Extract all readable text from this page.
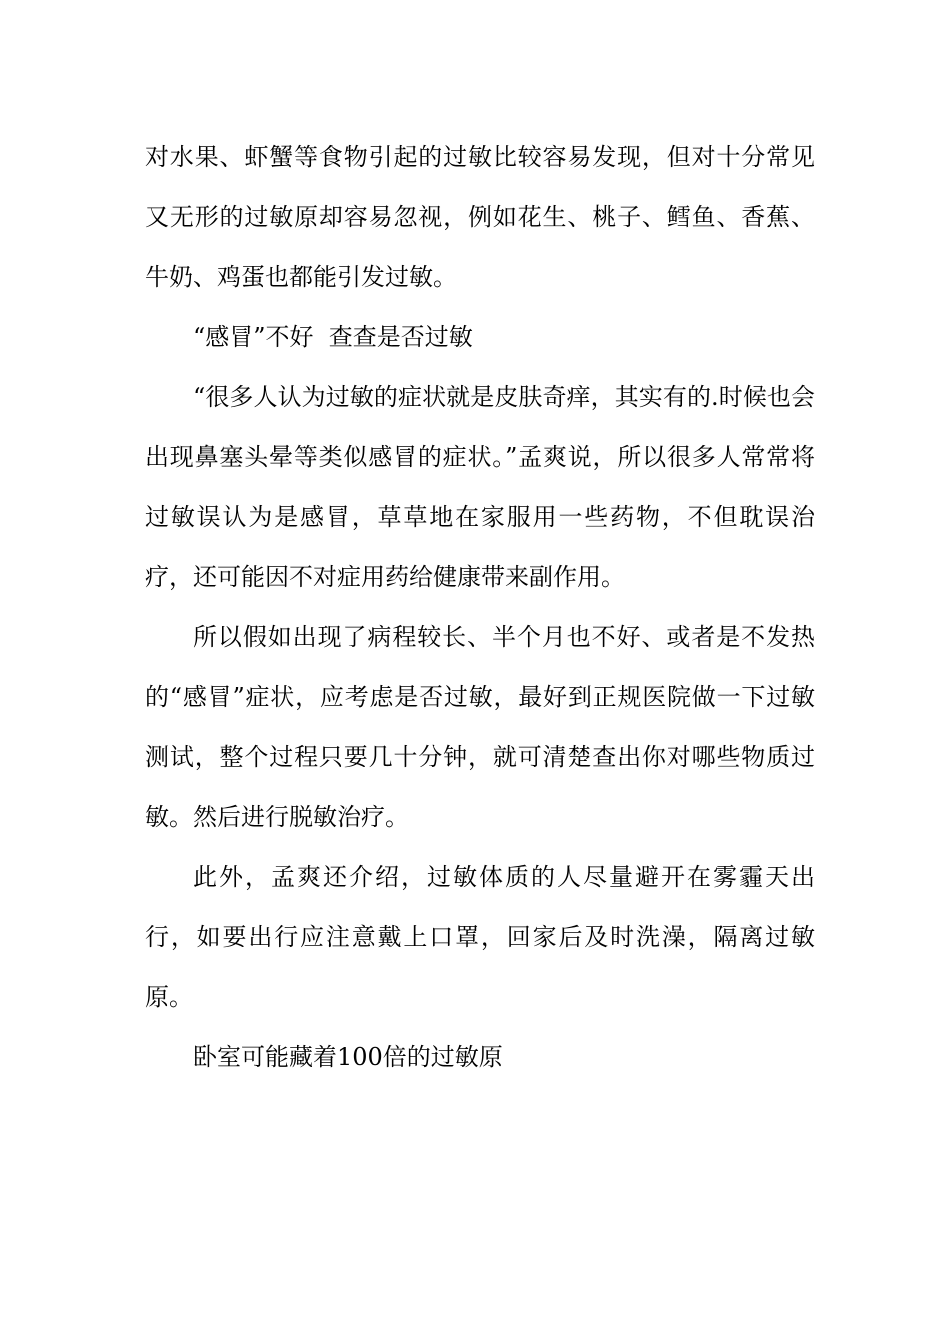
对水果、虾蟹等食物引起的过敏比较容易发现，但对十分常见又无形的过敏原却容易忽视，例如花生、桃子、鳕鱼、香蕉、牛奶、鸡蛋也都能引发过敏。

“感冒”不好  查查是否过敏

“很多人认为过敏的症状就是皮肤奇痒，其实有的.时候也会出现鼻塞头晕等类似感冒的症状。”孟爽说，所以很多人常常将过敏误认为是感冒，草草地在家服用一些药物，不但耽误治疗，还可能因不对症用药给健康带来副作用。

所以假如出现了病程较长、半个月也不好、或者是不发热的“感冒”症状，应考虑是否过敏，最好到正规医院做一下过敏测试，整个过程只要几十分钟，就可清楚查出你对哪些物质过敏。然后进行脱敏治疗。

此外，孟爽还介绍，过敏体质的人尽量避开在雾霾天出行，如要出行应注意戴上口罩，回家后及时洗澡，隔离过敏原。

卧室可能藏着100倍的过敏原
